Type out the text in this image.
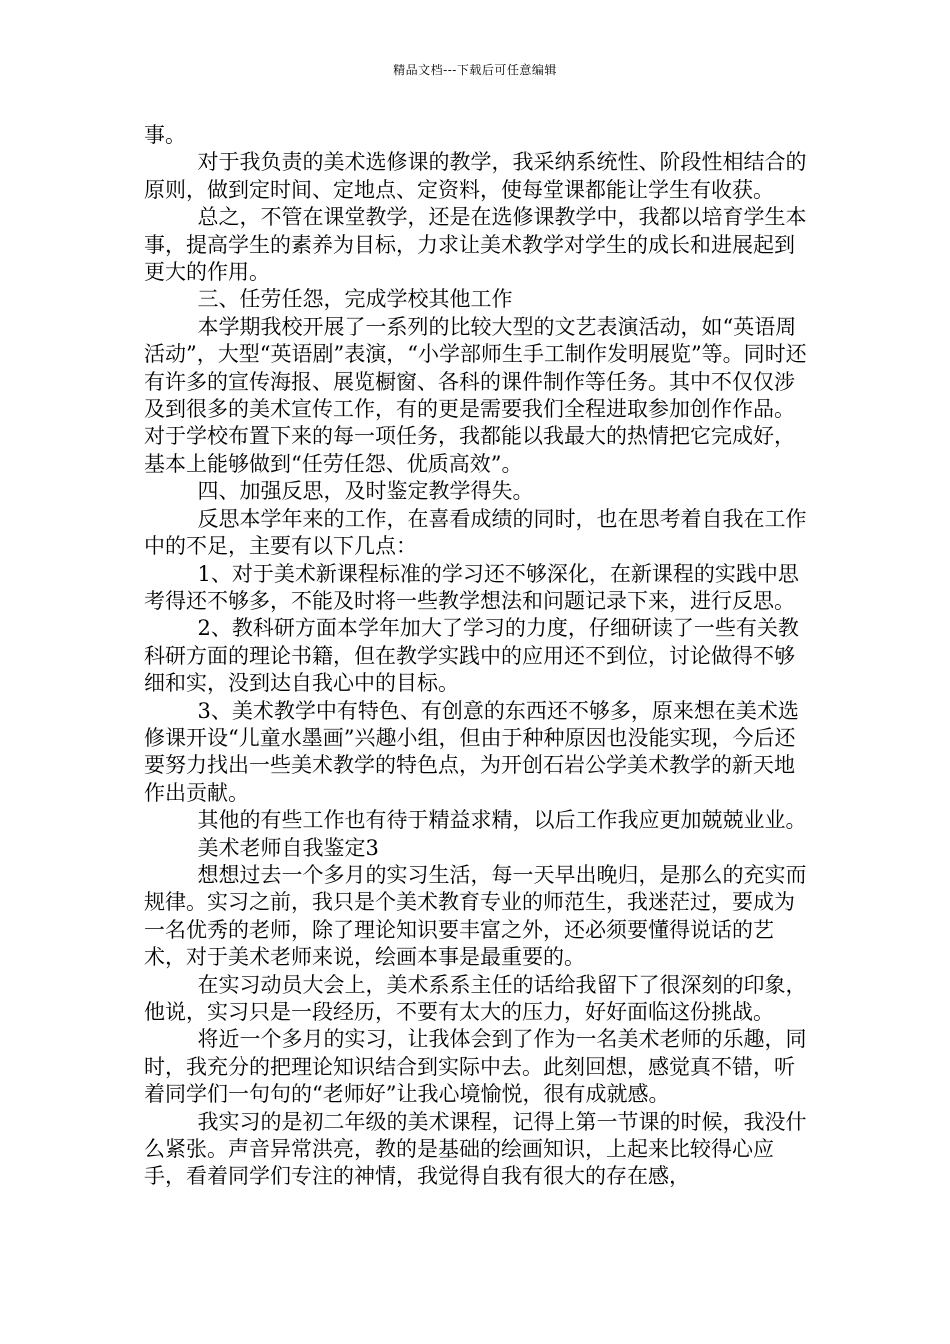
精品文档---下载后可任意编辑

事。

对于我负责的美术选修课的教学，我采纳系统性、阶段性相结合的原则，做到定时间、定地点、定资料，使每堂课都能让学生有收获。

总之，不管在课堂教学，还是在选修课教学中，我都以培育学生本事，提高学生的素养为目标，力求让美术教学对学生的成长和进展起到更大的作用。

三、任劳任怨，完成学校其他工作

本学期我校开展了一系列的比较大型的文艺表演活动，如“英语周活动”，大型“英语剧”表演，“小学部师生手工制作发明展览”等。同时还有许多的宣传海报、展览橱窗、各科的课件制作等任务。其中不仅仅涉及到很多的美术宣传工作，有的更是需要我们全程进取参加创作作品。对于学校布置下来的每一项任务，我都能以我最大的热情把它完成好，基本上能够做到“任劳任怨、优质高效”。

四、加强反思，及时鉴定教学得失。

反思本学年来的工作，在喜看成绩的同时，也在思考着自我在工作中的不足，主要有以下几点：

1、对于美术新课程标准的学习还不够深化，在新课程的实践中思考得还不够多，不能及时将一些教学想法和问题记录下来，进行反思。

2、教科研方面本学年加大了学习的力度，仔细研读了一些有关教科研方面的理论书籍，但在教学实践中的应用还不到位，讨论做得不够细和实，没到达自我心中的目标。

3、美术教学中有特色、有创意的东西还不够多，原来想在美术选修课开设“儿童水墨画”兴趣小组，但由于种种原因也没能实现，今后还要努力找出一些美术教学的特色点，为开创石岩公学美术教学的新天地作出贡献。

其他的有些工作也有待于精益求精，以后工作我应更加兢兢业业。

美术老师自我鉴定3

想想过去一个多月的实习生活，每一天早出晚归，是那么的充实而规律。实习之前，我只是个美术教育专业的师范生，我迷茫过，要成为一名优秀的老师，除了理论知识要丰富之外，还必须要懂得说话的艺术，对于美术老师来说，绘画本事是最重要的。

在实习动员大会上，美术系系主任的话给我留下了很深刻的印象，他说，实习只是一段经历，不要有太大的压力，好好面临这份挑战。

将近一个多月的实习，让我体会到了作为一名美术老师的乐趣，同时，我充分的把理论知识结合到实际中去。此刻回想，感觉真不错，听着同学们一句句的“老师好”让我心境愉悦，很有成就感。

我实习的是初二年级的美术课程，记得上第一节课的时候，我没什么紧张。声音异常洪亮，教的是基础的绘画知识，上起来比较得心应手，看着同学们专注的神情，我觉得自我有很大的存在感，
